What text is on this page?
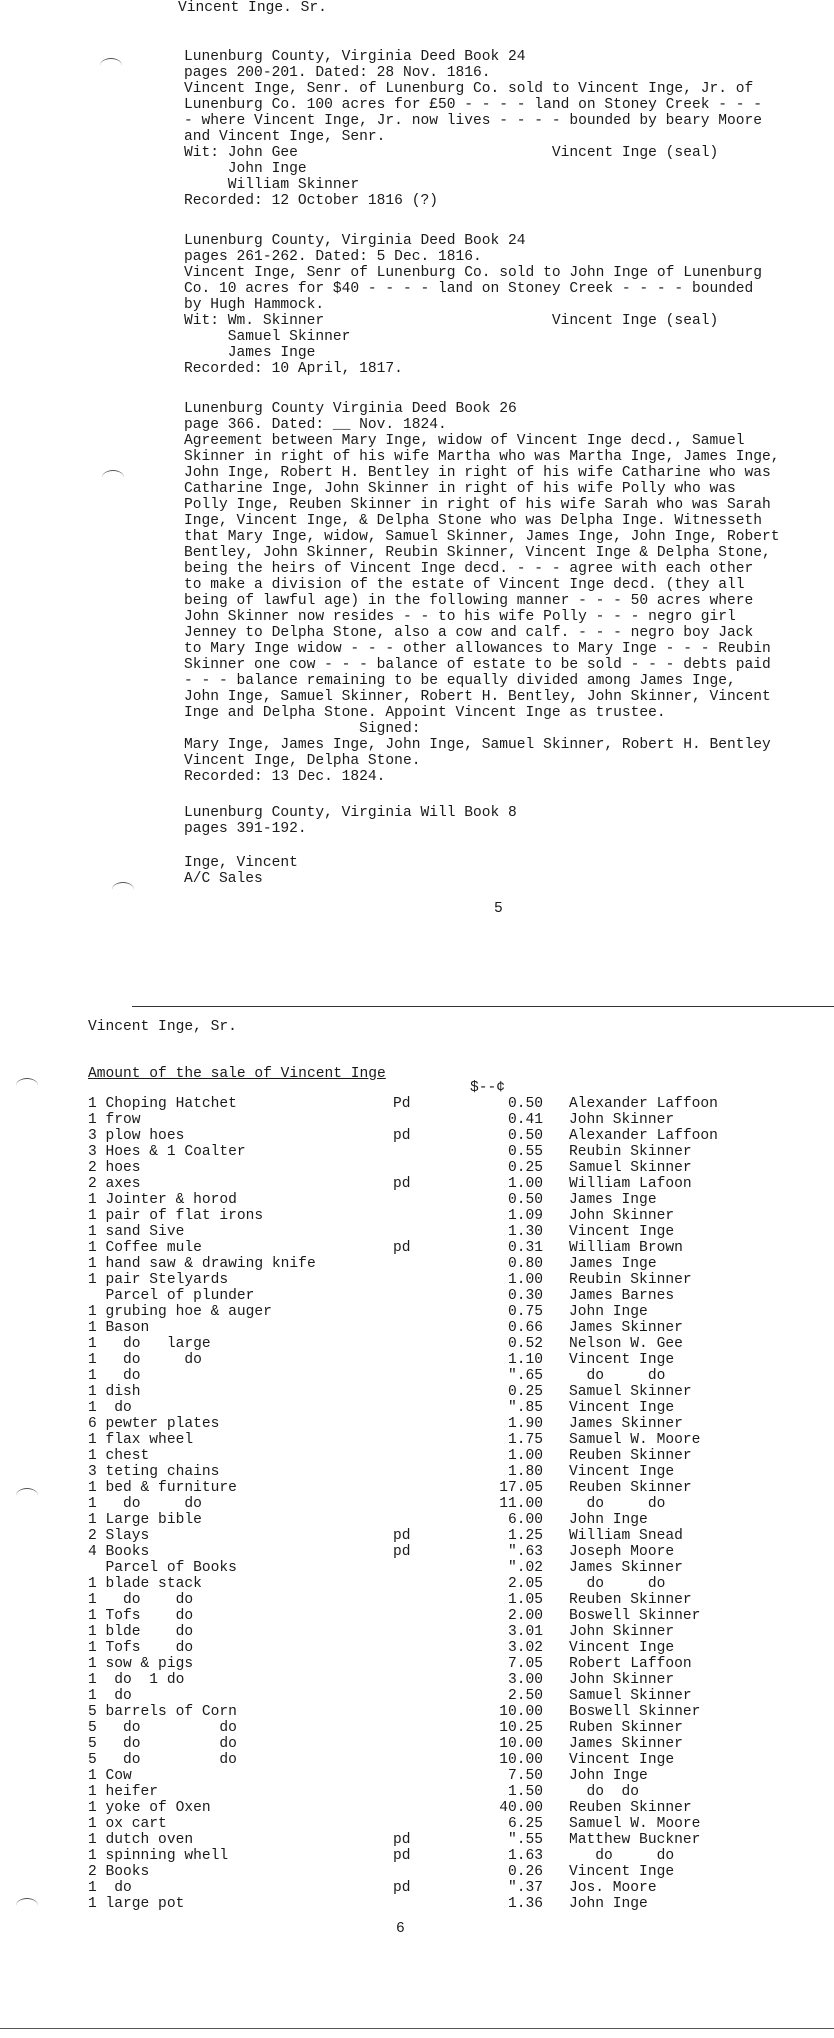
Vincent Inge. Sr.
Lunenburg County, Virginia Deed Book 24
pages 200-201. Dated: 28 Nov. 1816.
Vincent Inge, Senr. of Lunenburg Co. sold to Vincent Inge, Jr. of
Lunenburg Co. 100 acres for £50 - - - - land on Stoney Creek - - -
- where Vincent Inge, Jr. now lives - - - - bounded by beary Moore
and Vincent Inge, Senr.
Wit: John Gee                             Vincent Inge (seal)
John Inge
William Skinner
Recorded: 12 October 1816 (?)
Lunenburg County, Virginia Deed Book 24
pages 261-262. Dated: 5 Dec. 1816.
Vincent Inge, Senr of Lunenburg Co. sold to John Inge of Lunenburg
Co. 10 acres for $40 - - - - land on Stoney Creek - - - - bounded
by Hugh Hammock.
Wit: Wm. Skinner                          Vincent Inge (seal)
Samuel Skinner
James Inge
Recorded: 10 April, 1817.
Lunenburg County Virginia Deed Book 26
page 366. Dated: __ Nov. 1824.
Agreement between Mary Inge, widow of Vincent Inge decd., Samuel
Skinner in right of his wife Martha who was Martha Inge, James Inge,
John Inge, Robert H. Bentley in right of his wife Catharine who was
Catharine Inge, John Skinner in right of his wife Polly who was
Polly Inge, Reuben Skinner in right of his wife Sarah who was Sarah
Inge, Vincent Inge, & Delpha Stone who was Delpha Inge. Witnesseth
that Mary Inge, widow, Samuel Skinner, James Inge, John Inge, Robert
Bentley, John Skinner, Reubin Skinner, Vincent Inge & Delpha Stone,
being the heirs of Vincent Inge decd. - - - agree with each other
to make a division of the estate of Vincent Inge decd. (they all
being of lawful age) in the following manner - - - 50 acres where
John Skinner now resides - - to his wife Polly - - - negro girl
Jenney to Delpha Stone, also a cow and calf. - - - negro boy Jack
to Mary Inge widow - - - other allowances to Mary Inge - - - Reubin
Skinner one cow - - - balance of estate to be sold - - - debts paid
- - - balance remaining to be equally divided among James Inge,
John Inge, Samuel Skinner, Robert H. Bentley, John Skinner, Vincent
Inge and Delpha Stone. Appoint Vincent Inge as trustee.
Signed:
Mary Inge, James Inge, John Inge, Samuel Skinner, Robert H. Bentley
Vincent Inge, Delpha Stone.
Recorded: 13 Dec. 1824.
Lunenburg County, Virginia Will Book 8
pages 391-192.
Inge, Vincent
A/C Sales
5
Vincent Inge, Sr.
Amount of the sale of Vincent Inge
$--¢
1 Choping Hatchet	Pd	0.50		Alexander Laffoon
1 frow		0.41		John Skinner
3 plow hoes	pd	0.50		Alexander Laffoon
3 Hoes & 1 Coalter		0.55		Reubin Skinner
2 hoes		0.25		Samuel Skinner
2 axes	pd	1.00		William Lafoon
1 Jointer & horod		0.50		James Inge
1 pair of flat irons		1.09		John Skinner
1 sand Sive		1.30		Vincent Inge
1 Coffee mule	pd	0.31		William Brown
1 hand saw & drawing knife		0.80		James Inge
1 pair Stelyards		1.00		Reubin Skinner
Parcel of plunder		0.30		James Barnes
1 grubing hoe & auger		0.75		John Inge
1 Bason		0.66		James Skinner
1   do   large		0.52		Nelson W. Gee
1   do     do		1.10		Vincent Inge
1   do		".65		do     do
1 dish		0.25		Samuel Skinner
1  do		".85		Vincent Inge
6 pewter plates		1.90		James Skinner
1 flax wheel		1.75		Samuel W. Moore
1 chest		1.00		Reuben Skinner
3 teting chains		1.80		Vincent Inge
1 bed & furniture		17.05		Reuben Skinner
1   do     do		11.00		do     do
1 Large bible		6.00		John Inge
2 Slays	pd	1.25		William Snead
4 Books	pd	".63		Joseph Moore
Parcel of Books		".02		James Skinner
1 blade stack		2.05		do     do
1   do    do		1.05		Reuben Skinner
1 Tofs    do		2.00		Boswell Skinner
1 blde    do		3.01		John Skinner
1 Tofs    do		3.02		Vincent Inge
1 sow & pigs		7.05		Robert Laffoon
1  do  1 do		3.00		John Skinner
1  do		2.50		Samuel Skinner
5 barrels of Corn		10.00		Boswell Skinner
5   do         do		10.25		Ruben Skinner
5   do         do		10.00		James Skinner
5   do         do		10.00		Vincent Inge
1 Cow		7.50		John Inge
1 heifer		1.50		do  do
1 yoke of Oxen		40.00		Reuben Skinner
1 ox cart		6.25		Samuel W. Moore
1 dutch oven	pd	".55		Matthew Buckner
1 spinning whell	pd	1.63		do     do
2 Books		0.26		Vincent Inge
1  do	pd	".37		Jos. Moore
1 large pot		1.36		John Inge
6
